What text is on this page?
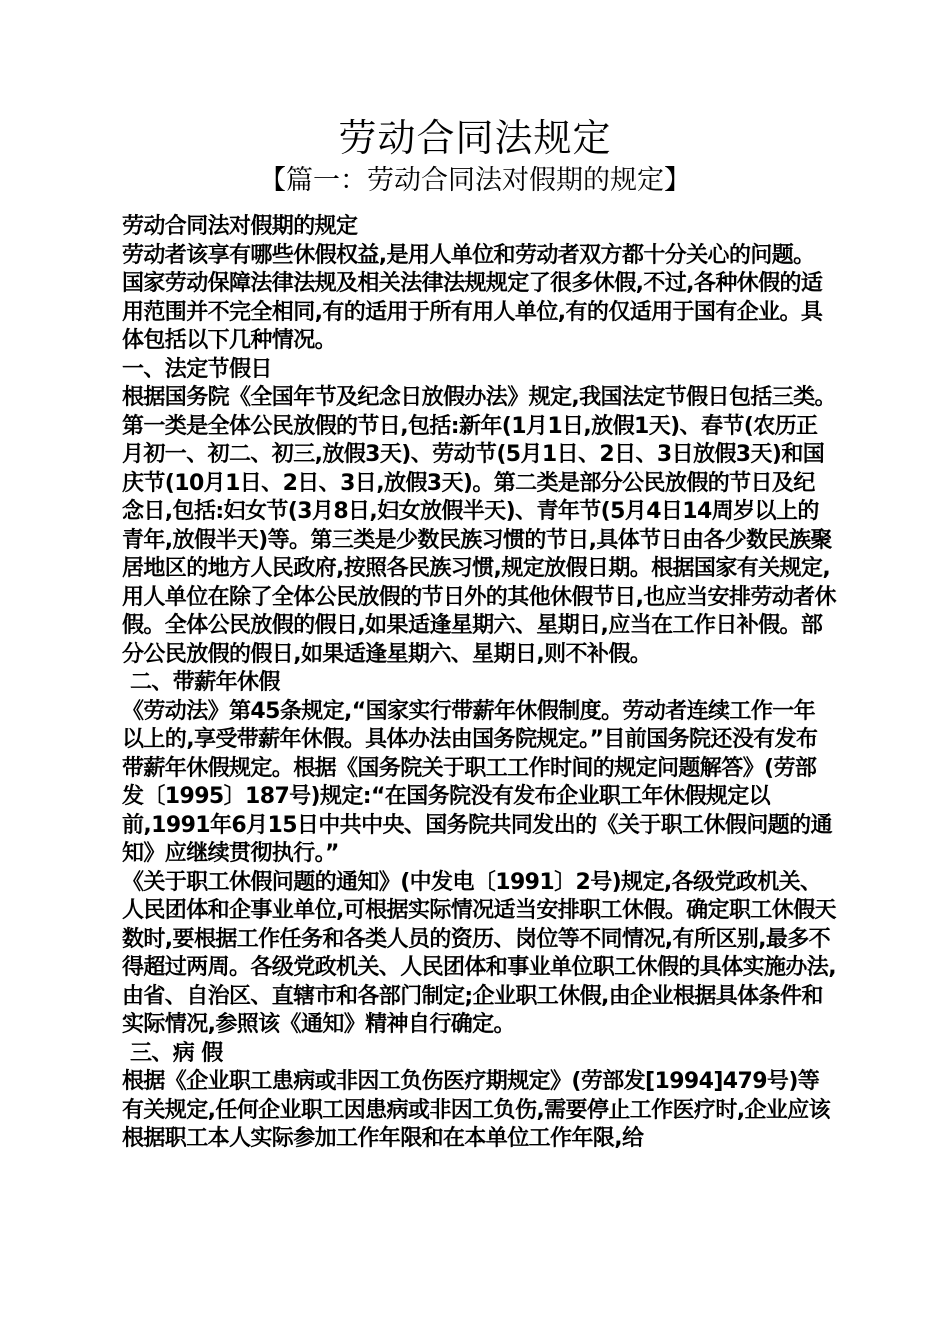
劳动合同法规定
【篇一：劳动合同法对假期的规定】

劳动合同法对假期的规定

劳动者该享有哪些休假权益,是用人单位和劳动者双方都十分关心的问题。

国家劳动保障法律法规及相关法律法规规定了很多休假,不过,各种休假的适用范围并不完全相同,有的适用于所有用人单位,有的仅适用于国有企业。具体包括以下几种情况。

一、法定节假日

根据国务院《全国年节及纪念日放假办法》规定,我国法定节假日包括三类。第一类是全体公民放假的节日,包括:新年(1月1日,放假1天)、春节(农历正月初一、初二、初三,放假3天)、劳动节(5月1日、2日、3日放假3天)和国庆节(10月1日、2日、3日,放假3天)。第二类是部分公民放假的节日及纪念日,包括:妇女节(3月8日,妇女放假半天)、青年节(5月4日14周岁以上的青年,放假半天)等。第三类是少数民族习惯的节日,具体节日由各少数民族聚居地区的地方人民政府,按照各民族习惯,规定放假日期。根据国家有关规定,用人单位在除了全体公民放假的节日外的其他休假节日,也应当安排劳动者休假。全体公民放假的假日,如果适逢星期六、星期日,应当在工作日补假。部分公民放假的假日,如果适逢星期六、星期日,则不补假。

二、带薪年休假

《劳动法》第45条规定,“国家实行带薪年休假制度。劳动者连续工作一年以上的,享受带薪年休假。具体办法由国务院规定。”目前国务院还没有发布带薪年休假规定。根据《国务院关于职工工作时间的规定问题解答》(劳部发〔1995〕187号)规定:“在国务院没有发布企业职工年休假规定以前,1991年6月15日中共中央、国务院共同发出的《关于职工休假问题的通知》应继续贯彻执行。”

《关于职工休假问题的通知》(中发电〔1991〕2号)规定,各级党政机关、人民团体和企事业单位,可根据实际情况适当安排职工休假。确定职工休假天数时,要根据工作任务和各类人员的资历、岗位等不同情况,有所区别,最多不得超过两周。各级党政机关、人民团体和事业单位职工休假的具体实施办法,由省、自治区、直辖市和各部门制定;企业职工休假,由企业根据具体条件和实际情况,参照该《通知》精神自行确定。

三、病 假

根据《企业职工患病或非因工负伤医疗期规定》(劳部发[1994]479号)等有关规定,任何企业职工因患病或非因工负伤,需要停止工作医疗时,企业应该根据职工本人实际参加工作年限和在本单位工作年限,给
